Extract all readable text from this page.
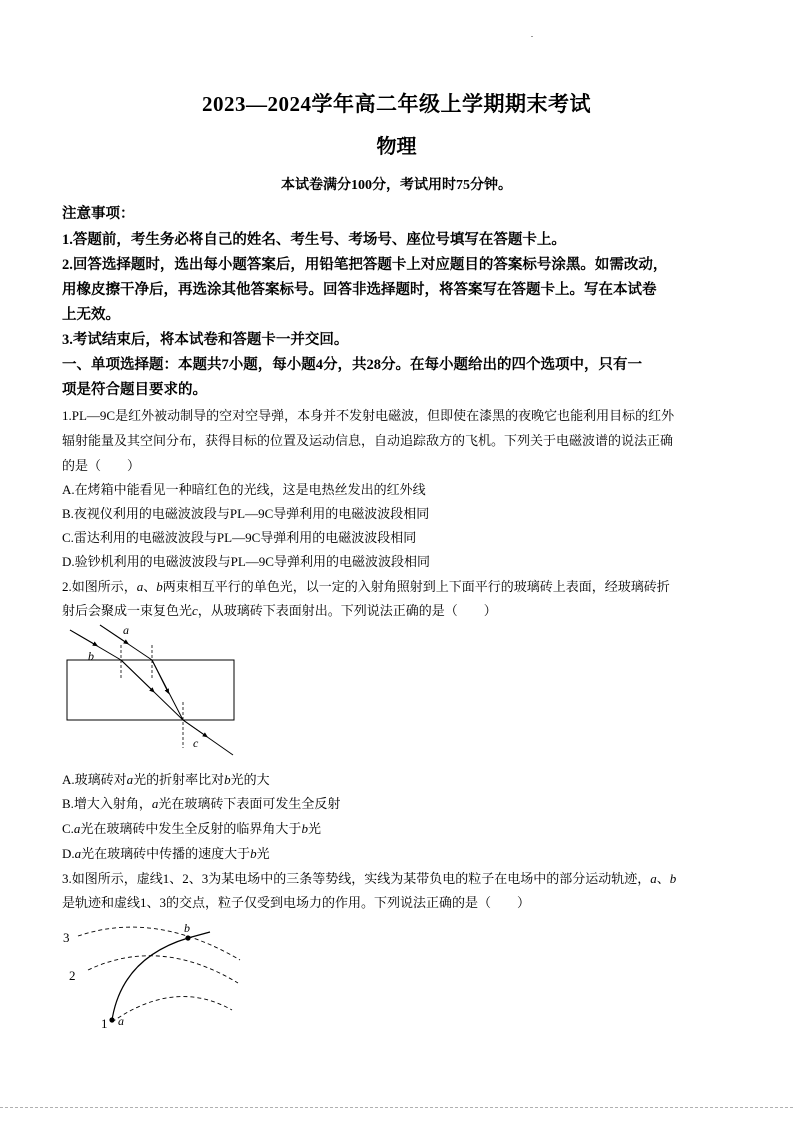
2023—2024学年高二年级上学期期末考试
物理
本试卷满分100分，考试用时75分钟。
注意事项：
1.答题前，考生务必将自己的姓名、考生号、考场号、座位号填写在答题卡上。
2.回答选择题时，选出每小题答案后，用铅笔把答题卡上对应题目的答案标号涂黑。如需改动，
用橡皮擦干净后，再选涂其他答案标号。回答非选择题时，将答案写在答题卡上。写在本试卷
上无效。
3.考试结束后，将本试卷和答题卡一并交回。
一、单项选择题：本题共7小题，每小题4分，共28分。在每小题给出的四个选项中，只有一
项是符合题目要求的。
1.PL—9C是红外被动制导的空对空导弹，本身并不发射电磁波，但即使在漆黑的夜晚它也能利用目标的红外
辐射能量及其空间分布，获得目标的位置及运动信息，自动追踪敌方的飞机。下列关于电磁波谱的说法正确
的是（　　）
A.在烤箱中能看见一种暗红色的光线，这是电热丝发出的红外线
B.夜视仪利用的电磁波波段与PL—9C导弹利用的电磁波波段相同
C.雷达利用的电磁波波段与PL—9C导弹利用的电磁波波段相同
D.验钞机利用的电磁波波段与PL—9C导弹利用的电磁波波段相同
2.如图所示，a、b两束相互平行的单色光，以一定的入射角照射到上下面平行的玻璃砖上表面，经玻璃砖折
射后会聚成一束复色光c，从玻璃砖下表面射出。下列说法正确的是（　　）
a
b
c
A.玻璃砖对a光的折射率比对b光的大
B.增大入射角，a光在玻璃砖下表面可发生全反射
C.a光在玻璃砖中发生全反射的临界角大于b光
D.a光在玻璃砖中传播的速度大于b光
3.如图所示，虚线1、2、3为某电场中的三条等势线，实线为某带负电的粒子在电场中的部分运动轨迹，a、b
是轨迹和虚线1、3的交点，粒子仅受到电场力的作用。下列说法正确的是（　　）
3
2
1 a
b
